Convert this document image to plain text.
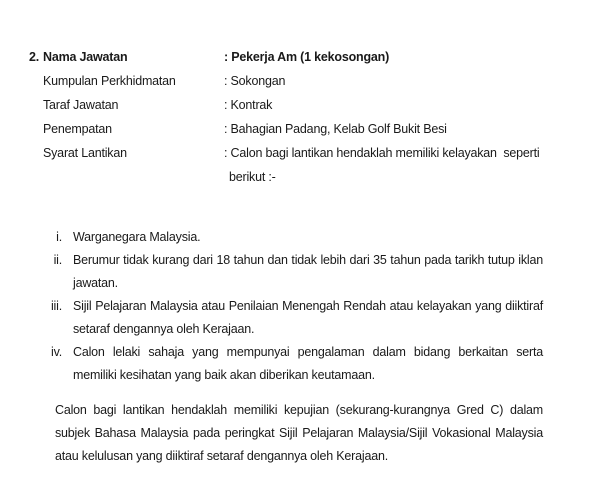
2. Nama Jawatan	: Pekerja Am (1 kekosongan)
Kumpulan Perkhidmatan	: Sokongan
Taraf Jawatan	: Kontrak
Penempatan	: Bahagian Padang, Kelab Golf Bukit Besi
Syarat Lantikan	: Calon bagi lantikan hendaklah memiliki kelayakan  seperti
berikut :-
i. Warganegara Malaysia.

ii. Berumur tidak kurang dari 18 tahun dan tidak lebih dari 35 tahun pada tarikh tutup iklan jawatan.

iii. Sijil Pelajaran Malaysia atau Penilaian Menengah Rendah atau kelayakan yang diiktiraf setaraf dengannya oleh Kerajaan.

iv. Calon lelaki sahaja yang mempunyai pengalaman dalam bidang berkaitan serta memiliki kesihatan yang baik akan diberikan keutamaan.

Calon bagi lantikan hendaklah memiliki kepujian (sekurang-kurangnya Gred C) dalam subjek Bahasa Malaysia pada peringkat Sijil Pelajaran Malaysia/Sijil Vokasional Malaysia atau kelulusan yang diiktiraf setaraf dengannya oleh Kerajaan.
